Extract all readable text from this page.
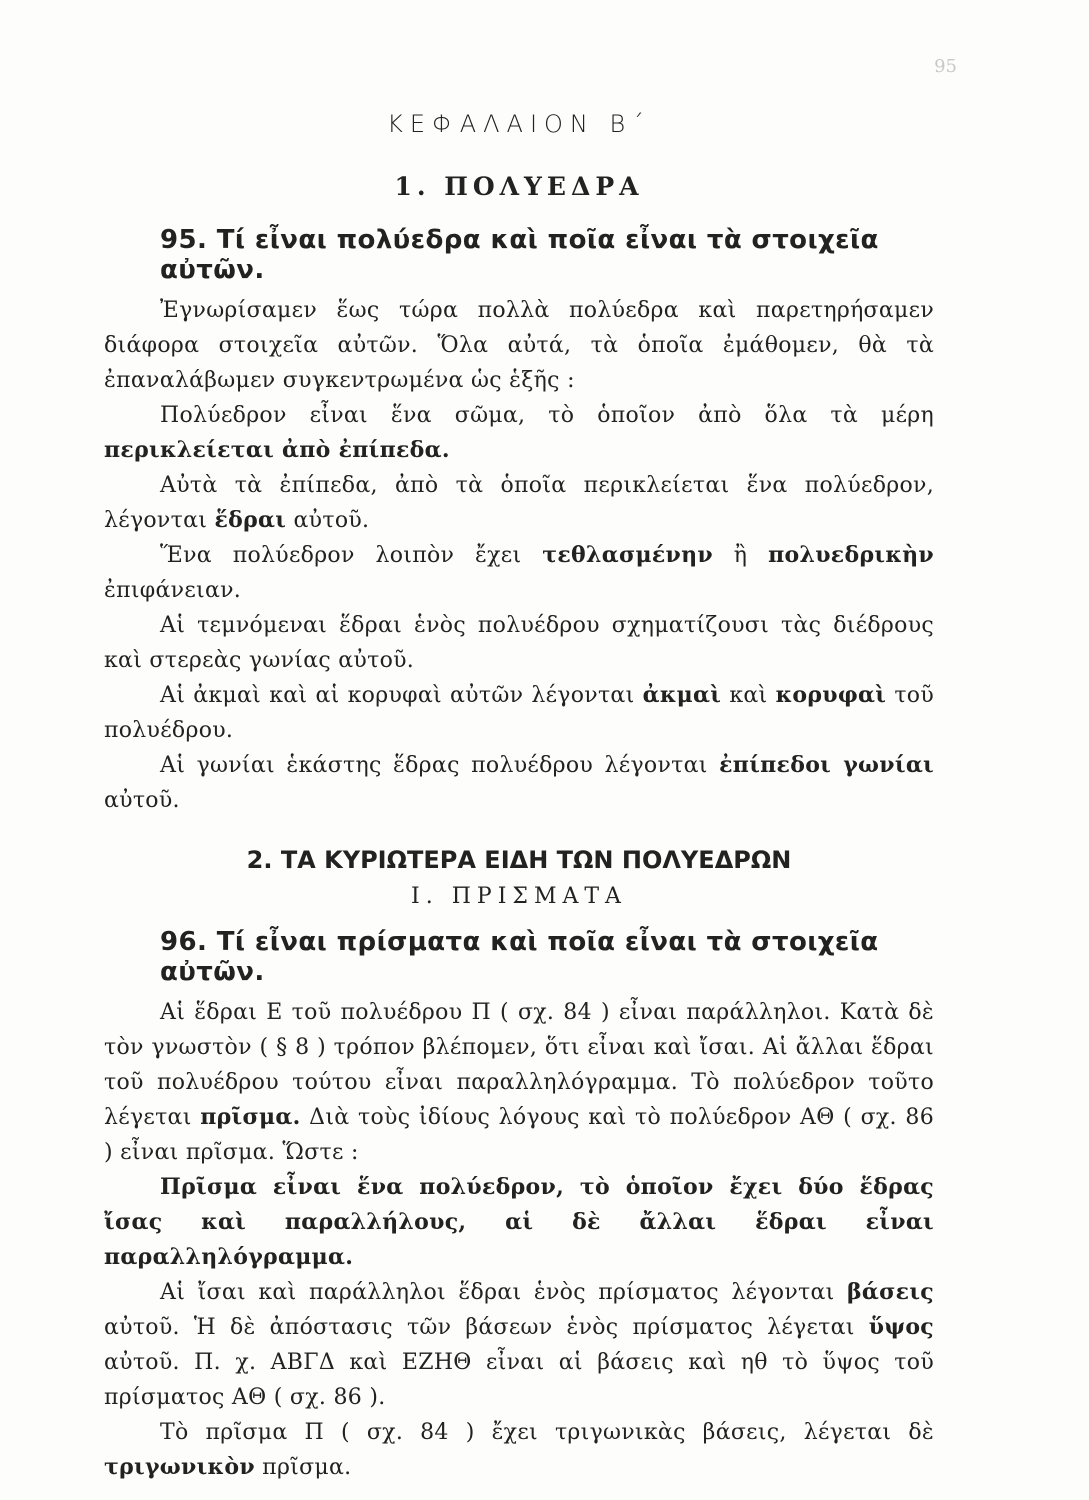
95
ΚΕΦΑΛΑΙΟΝ Β΄
1. ΠΟΛΥΕΔΡΑ
95. Τί εἶναι πολύεδρα καὶ ποῖα εἶναι τὰ στοιχεῖα αὐτῶν.

Ἐγνωρίσαμεν ἕως τώρα πολλὰ πολύεδρα καὶ παρετηρήσαμεν διάφορα στοιχεῖα αὐτῶν. Ὅλα αὐτά, τὰ ὁποῖα ἐμάθομεν, θὰ τὰ ἐπαναλάβωμεν συγκεντρωμένα ὡς ἑξῆς :

Πολύεδρον εἶναι ἕνα σῶμα, τὸ ὁποῖον ἀπὸ ὅλα τὰ μέρη περικλείεται ἀπὸ ἐπίπεδα.

Αὐτὰ τὰ ἐπίπεδα, ἀπὸ τὰ ὁποῖα περικλείεται ἕνα πολύεδρον, λέγονται ἕδραι αὐτοῦ.

Ἕνα πολύεδρον λοιπὸν ἔχει τεθλασμένην ἢ πολυεδρικὴν ἐπιφάνειαν.

Αἱ τεμνόμεναι ἕδραι ἑνὸς πολυέδρου σχηματίζουσι τὰς διέδρους καὶ στερεὰς γωνίας αὐτοῦ.

Αἱ ἀκμαὶ καὶ αἱ κορυφαὶ αὐτῶν λέγονται ἀκμαὶ καὶ κορυφαὶ τοῦ πολυέδρου.

Αἱ γωνίαι ἑκάστης ἕδρας πολυέδρου λέγονται ἐπίπεδοι γωνίαι αὐτοῦ.

2. ΤΑ ΚΥΡΙΩΤΕΡΑ ΕΙΔΗ ΤΩΝ ΠΟΛΥΕΔΡΩΝ
Ι. ΠΡΙΣΜΑΤΑ
96. Τί εἶναι πρίσματα καὶ ποῖα εἶναι τὰ στοιχεῖα αὐτῶν.

Αἱ ἕδραι Ε τοῦ πολυέδρου Π ( σχ. 84 ) εἶναι παράλληλοι. Κατὰ δὲ τὸν γνωστὸν ( § 8 ) τρόπον βλέπομεν, ὅτι εἶναι καὶ ἴσαι. Αἱ ἄλλαι ἕδραι τοῦ πολυέδρου τούτου εἶναι παραλληλόγραμμα. Τὸ πολύεδρον τοῦτο λέγεται πρῖσμα. Διὰ τοὺς ἰδίους λόγους καὶ τὸ πολύεδρον ΑΘ ( σχ. 86 ) εἶναι πρῖσμα. Ὥστε :

Πρῖσμα εἶναι ἕνα πολύεδρον, τὸ ὁποῖον ἔχει δύο ἕδρας ἴσας καὶ παραλλήλους, αἱ δὲ ἄλλαι ἕδραι εἶναι παραλληλόγραμμα.

Αἱ ἴσαι καὶ παράλληλοι ἕδραι ἑνὸς πρίσματος λέγονται βάσεις αὐτοῦ. Ἡ δὲ ἀπόστασις τῶν βάσεων ἑνὸς πρίσματος λέγεται ὕψος αὐτοῦ. Π. χ. ΑΒΓΔ καὶ ΕΖΗΘ εἶναι αἱ βάσεις καὶ ηθ τὸ ὕψος τοῦ πρίσματος ΑΘ ( σχ. 86 ).

Τὸ πρῖσμα Π ( σχ. 84 ) ἔχει τριγωνικὰς βάσεις, λέγεται δὲ τριγωνικὸν πρῖσμα.
